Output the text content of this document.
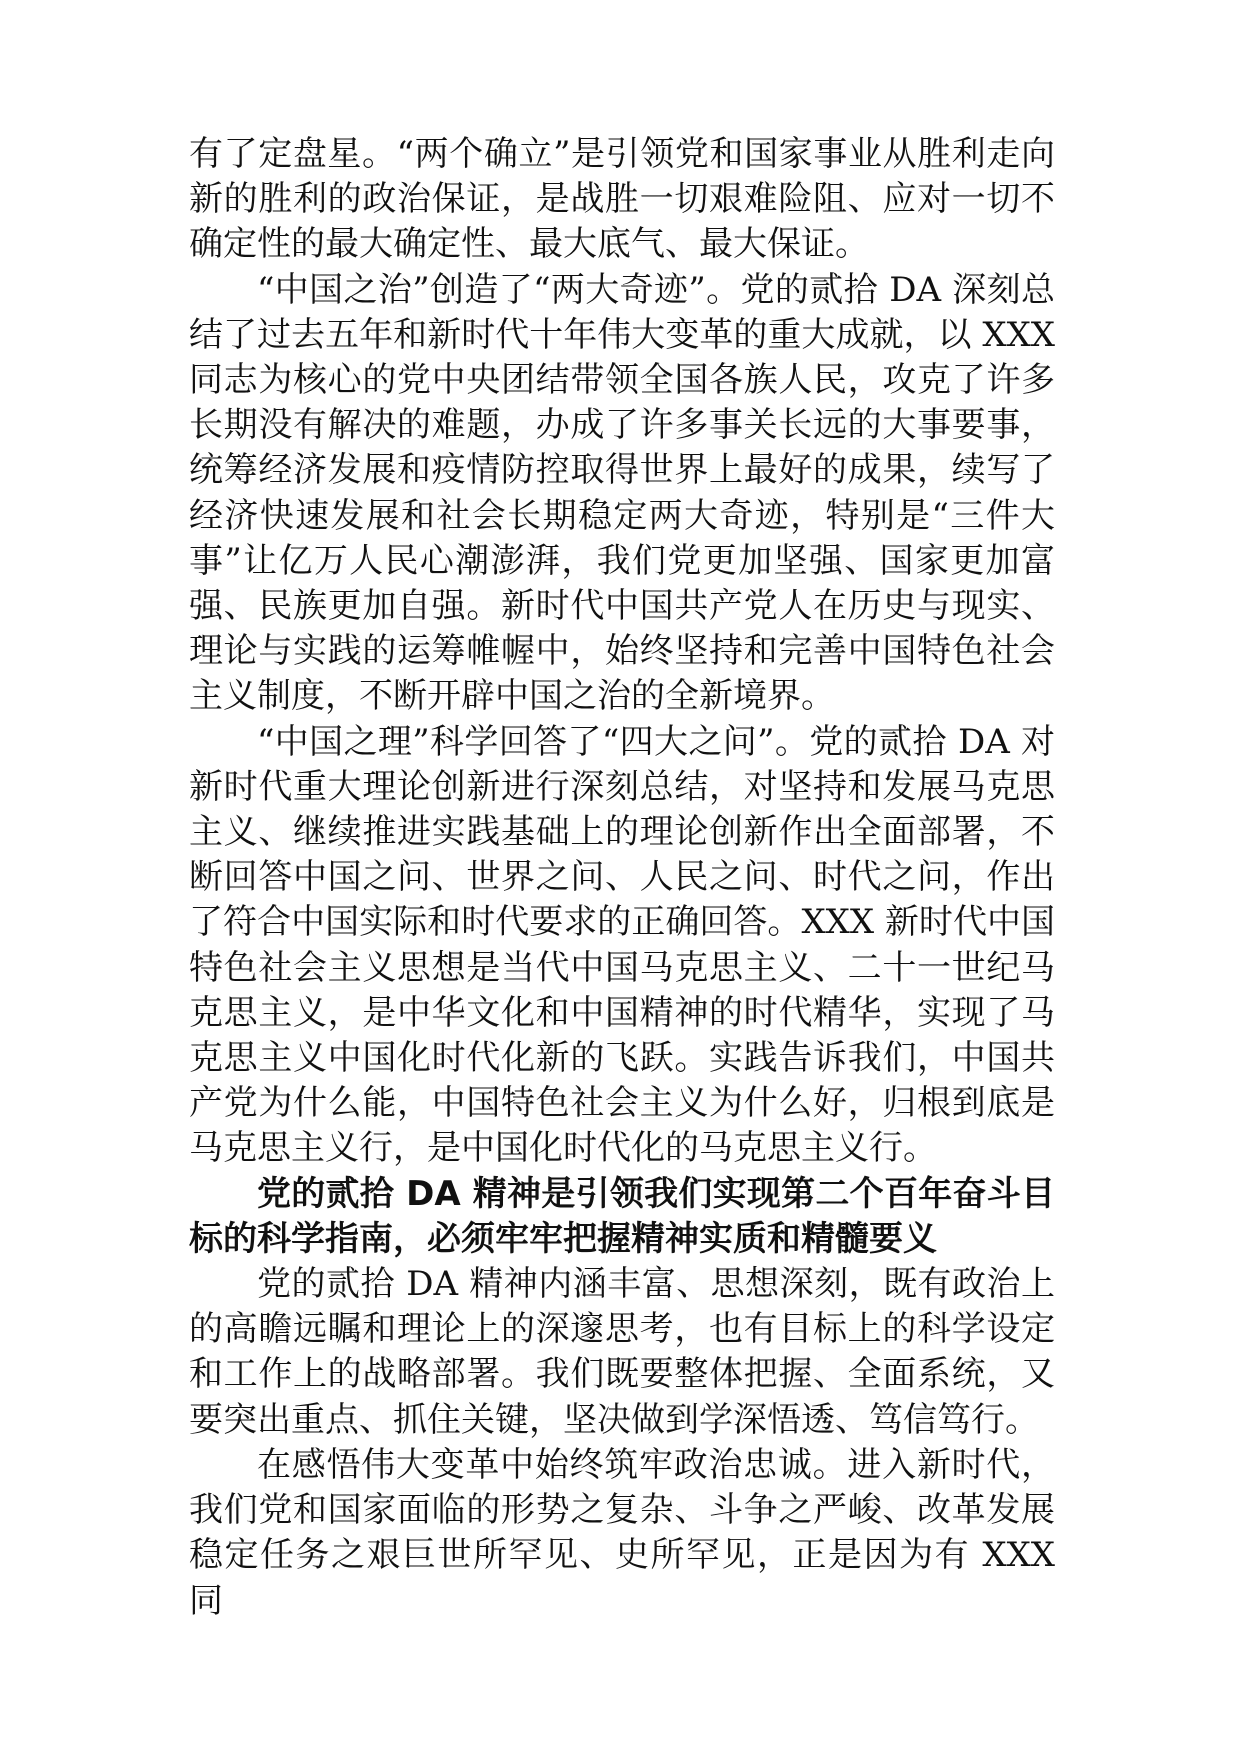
有了定盘星。“两个确立”是引领党和国家事业从胜利走向新的胜利的政治保证，是战胜一切艰难险阻、应对一切不确定性的最大确定性、最大底气、最大保证。

“中国之治”创造了“两大奇迹”。党的贰拾 DA 深刻总结了过去五年和新时代十年伟大变革的重大成就，以 XXX 同志为核心的党中央团结带领全国各族人民，攻克了许多长期没有解决的难题，办成了许多事关长远的大事要事，统筹经济发展和疫情防控取得世界上最好的成果，续写了经济快速发展和社会长期稳定两大奇迹，特别是“三件大事”让亿万人民心潮澎湃，我们党更加坚强、国家更加富强、民族更加自强。新时代中国共产党人在历史与现实、理论与实践的运筹帷幄中，始终坚持和完善中国特色社会主义制度，不断开辟中国之治的全新境界。

“中国之理”科学回答了“四大之问”。党的贰拾 DA 对新时代重大理论创新进行深刻总结，对坚持和发展马克思主义、继续推进实践基础上的理论创新作出全面部署，不断回答中国之问、世界之问、人民之问、时代之问，作出了符合中国实际和时代要求的正确回答。XXX 新时代中国特色社会主义思想是当代中国马克思主义、二十一世纪马克思主义，是中华文化和中国精神的时代精华，实现了马克思主义中国化时代化新的飞跃。实践告诉我们，中国共产党为什么能，中国特色社会主义为什么好，归根到底是马克思主义行，是中国化时代化的马克思主义行。

党的贰拾 DA 精神是引领我们实现第二个百年奋斗目标的科学指南，必须牢牢把握精神实质和精髓要义

党的贰拾 DA 精神内涵丰富、思想深刻，既有政治上的高瞻远瞩和理论上的深邃思考，也有目标上的科学设定和工作上的战略部署。我们既要整体把握、全面系统，又要突出重点、抓住关键，坚决做到学深悟透、笃信笃行。

在感悟伟大变革中始终筑牢政治忠诚。进入新时代，我们党和国家面临的形势之复杂、斗争之严峻、改革发展稳定任务之艰巨世所罕见、史所罕见，正是因为有 XXX 同
